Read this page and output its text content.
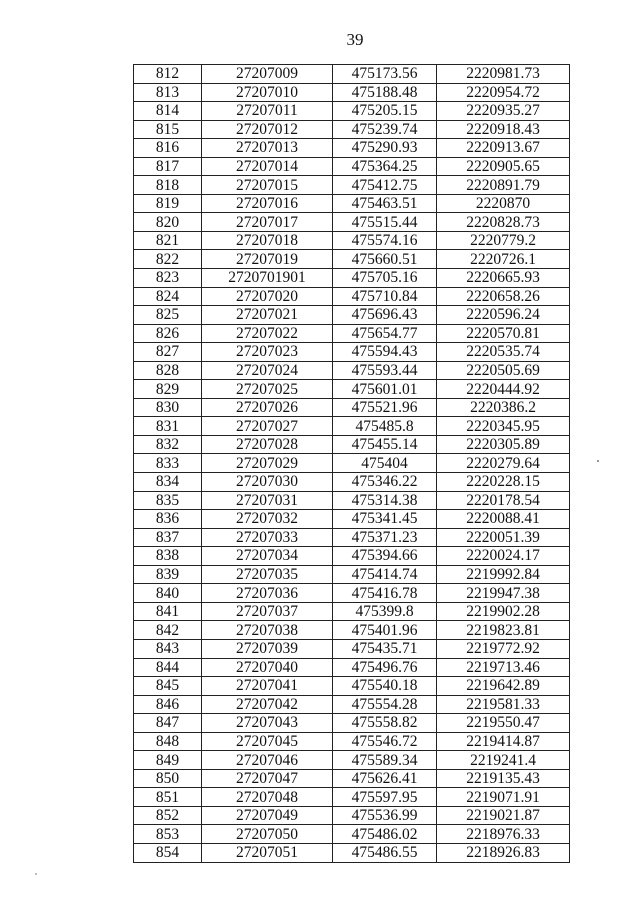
39
812	27207009	475173.56	2220981.73
813	27207010	475188.48	2220954.72
814	27207011	475205.15	2220935.27
815	27207012	475239.74	2220918.43
816	27207013	475290.93	2220913.67
817	27207014	475364.25	2220905.65
818	27207015	475412.75	2220891.79
819	27207016	475463.51	2220870
820	27207017	475515.44	2220828.73
821	27207018	475574.16	2220779.2
822	27207019	475660.51	2220726.1
823	2720701901	475705.16	2220665.93
824	27207020	475710.84	2220658.26
825	27207021	475696.43	2220596.24
826	27207022	475654.77	2220570.81
827	27207023	475594.43	2220535.74
828	27207024	475593.44	2220505.69
829	27207025	475601.01	2220444.92
830	27207026	475521.96	2220386.2
831	27207027	475485.8	2220345.95
832	27207028	475455.14	2220305.89
833	27207029	475404	2220279.64
834	27207030	475346.22	2220228.15
835	27207031	475314.38	2220178.54
836	27207032	475341.45	2220088.41
837	27207033	475371.23	2220051.39
838	27207034	475394.66	2220024.17
839	27207035	475414.74	2219992.84
840	27207036	475416.78	2219947.38
841	27207037	475399.8	2219902.28
842	27207038	475401.96	2219823.81
843	27207039	475435.71	2219772.92
844	27207040	475496.76	2219713.46
845	27207041	475540.18	2219642.89
846	27207042	475554.28	2219581.33
847	27207043	475558.82	2219550.47
848	27207045	475546.72	2219414.87
849	27207046	475589.34	2219241.4
850	27207047	475626.41	2219135.43
851	27207048	475597.95	2219071.91
852	27207049	475536.99	2219021.87
853	27207050	475486.02	2218976.33
854	27207051	475486.55	2218926.83
